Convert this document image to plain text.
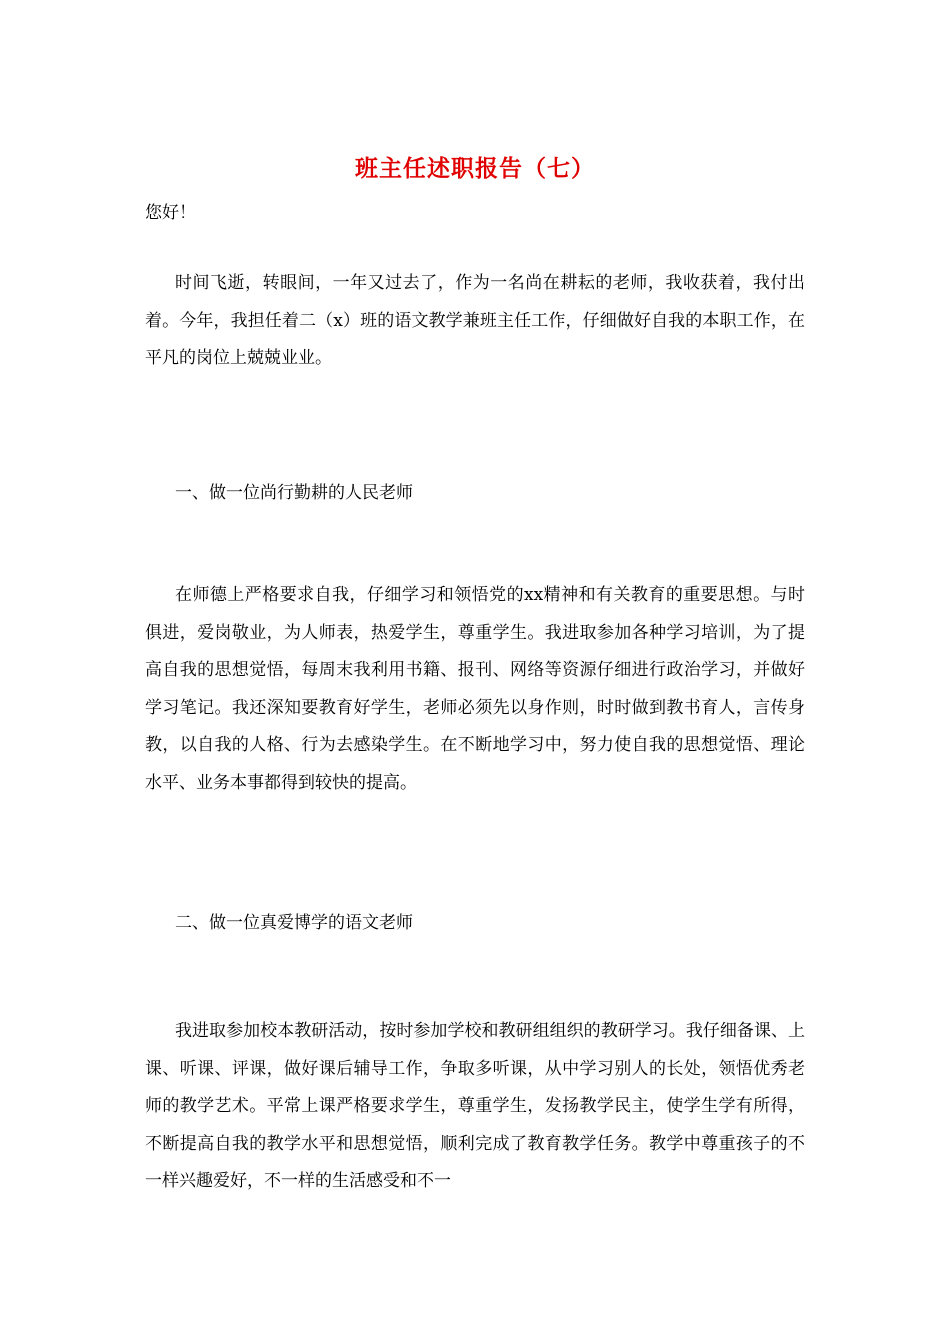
班主任述职报告（七）
您好！

时间飞逝，转眼间，一年又过去了，作为一名尚在耕耘的老师，我收获着，我付出着。今年，我担任着二（x）班的语文教学兼班主任工作，仔细做好自我的本职工作，在平凡的岗位上兢兢业业。

一、做一位尚行勤耕的人民老师

在师德上严格要求自我，仔细学习和领悟党的xx精神和有关教育的重要思想。与时俱进，爱岗敬业，为人师表，热爱学生，尊重学生。我进取参加各种学习培训，为了提高自我的思想觉悟，每周末我利用书籍、报刊、网络等资源仔细进行政治学习，并做好学习笔记。我还深知要教育好学生，老师必须先以身作则，时时做到教书育人，言传身教，以自我的人格、行为去感染学生。在不断地学习中，努力使自我的思想觉悟、理论水平、业务本事都得到较快的提高。

二、做一位真爱博学的语文老师

我进取参加校本教研活动，按时参加学校和教研组组织的教研学习。我仔细备课、上课、听课、评课，做好课后辅导工作，争取多听课，从中学习别人的长处，领悟优秀老师的教学艺术。平常上课严格要求学生，尊重学生，发扬教学民主，使学生学有所得，不断提高自我的教学水平和思想觉悟，顺利完成了教育教学任务。教学中尊重孩子的不一样兴趣爱好，不一样的生活感受和不一
